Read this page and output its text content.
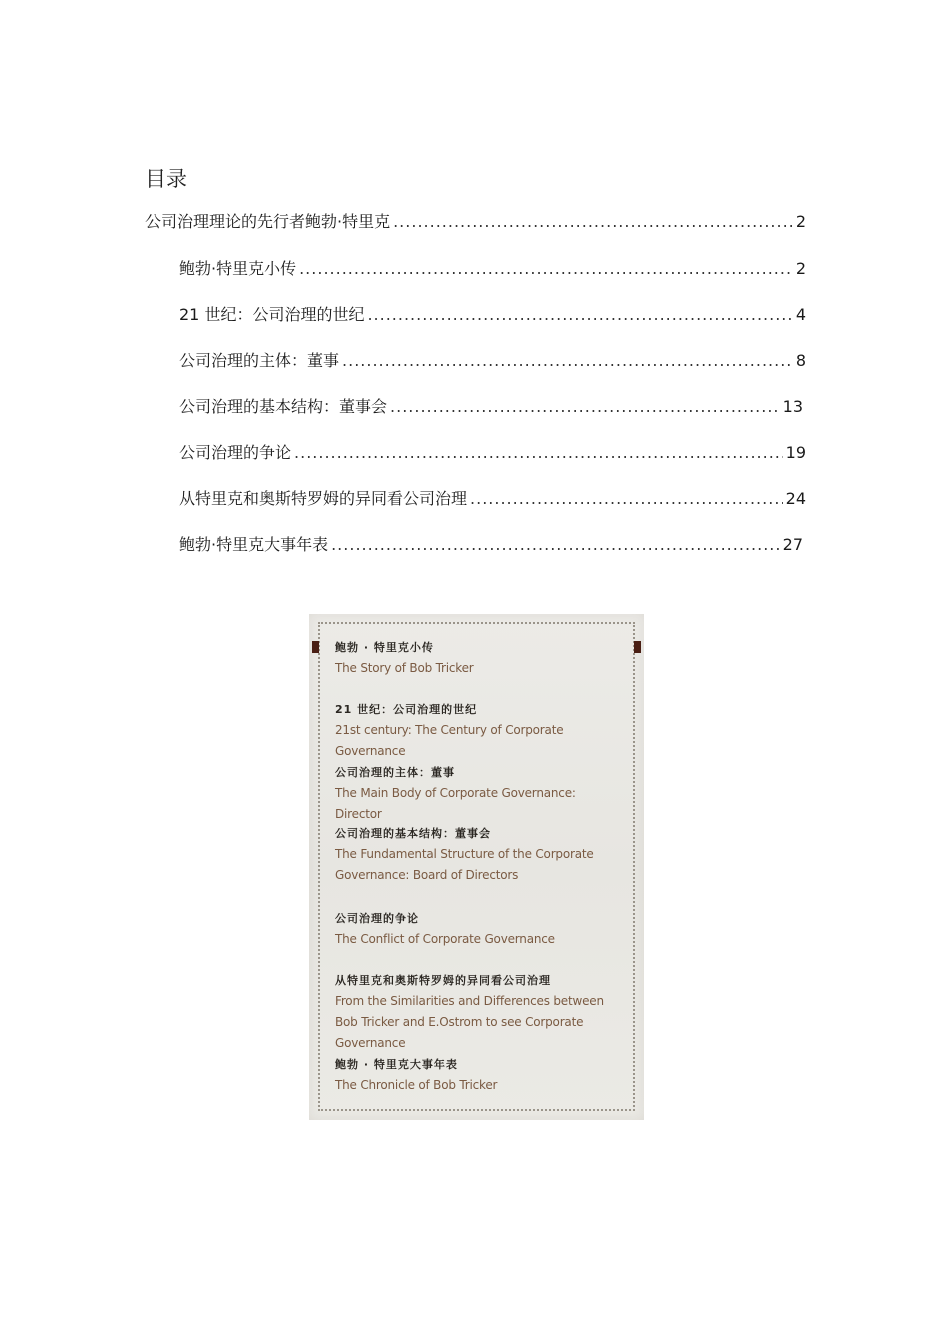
目录
公司治理理论的先行者鲍勃·特里克 .....	2
鲍勃·特里克小传 .....	2
21 世纪：公司治理的世纪 .....	4
公司治理的主体：董事 .....	8
公司治理的基本结构：董事会 .....	13
公司治理的争论 .....	19
从特里克和奥斯特罗姆的异同看公司治理 .....	24
鲍勃·特里克大事年表 .....	27
鲍勃 · 特里克小传
The Story of Bob Tricker
21 世纪：公司治理的世纪
21st century: The Century of Corporate Governance
公司治理的主体：董事
The Main Body of Corporate Governance: Director
公司治理的基本结构：董事会
The Fundamental Structure of the Corporate Governance: Board of Directors
公司治理的争论
The Conflict of Corporate Governance
从特里克和奥斯特罗姆的异同看公司治理
From the Similarities and Differences between Bob Tricker and E.Ostrom to see Corporate Governance
鲍勃 · 特里克大事年表
The Chronicle of Bob Tricker
